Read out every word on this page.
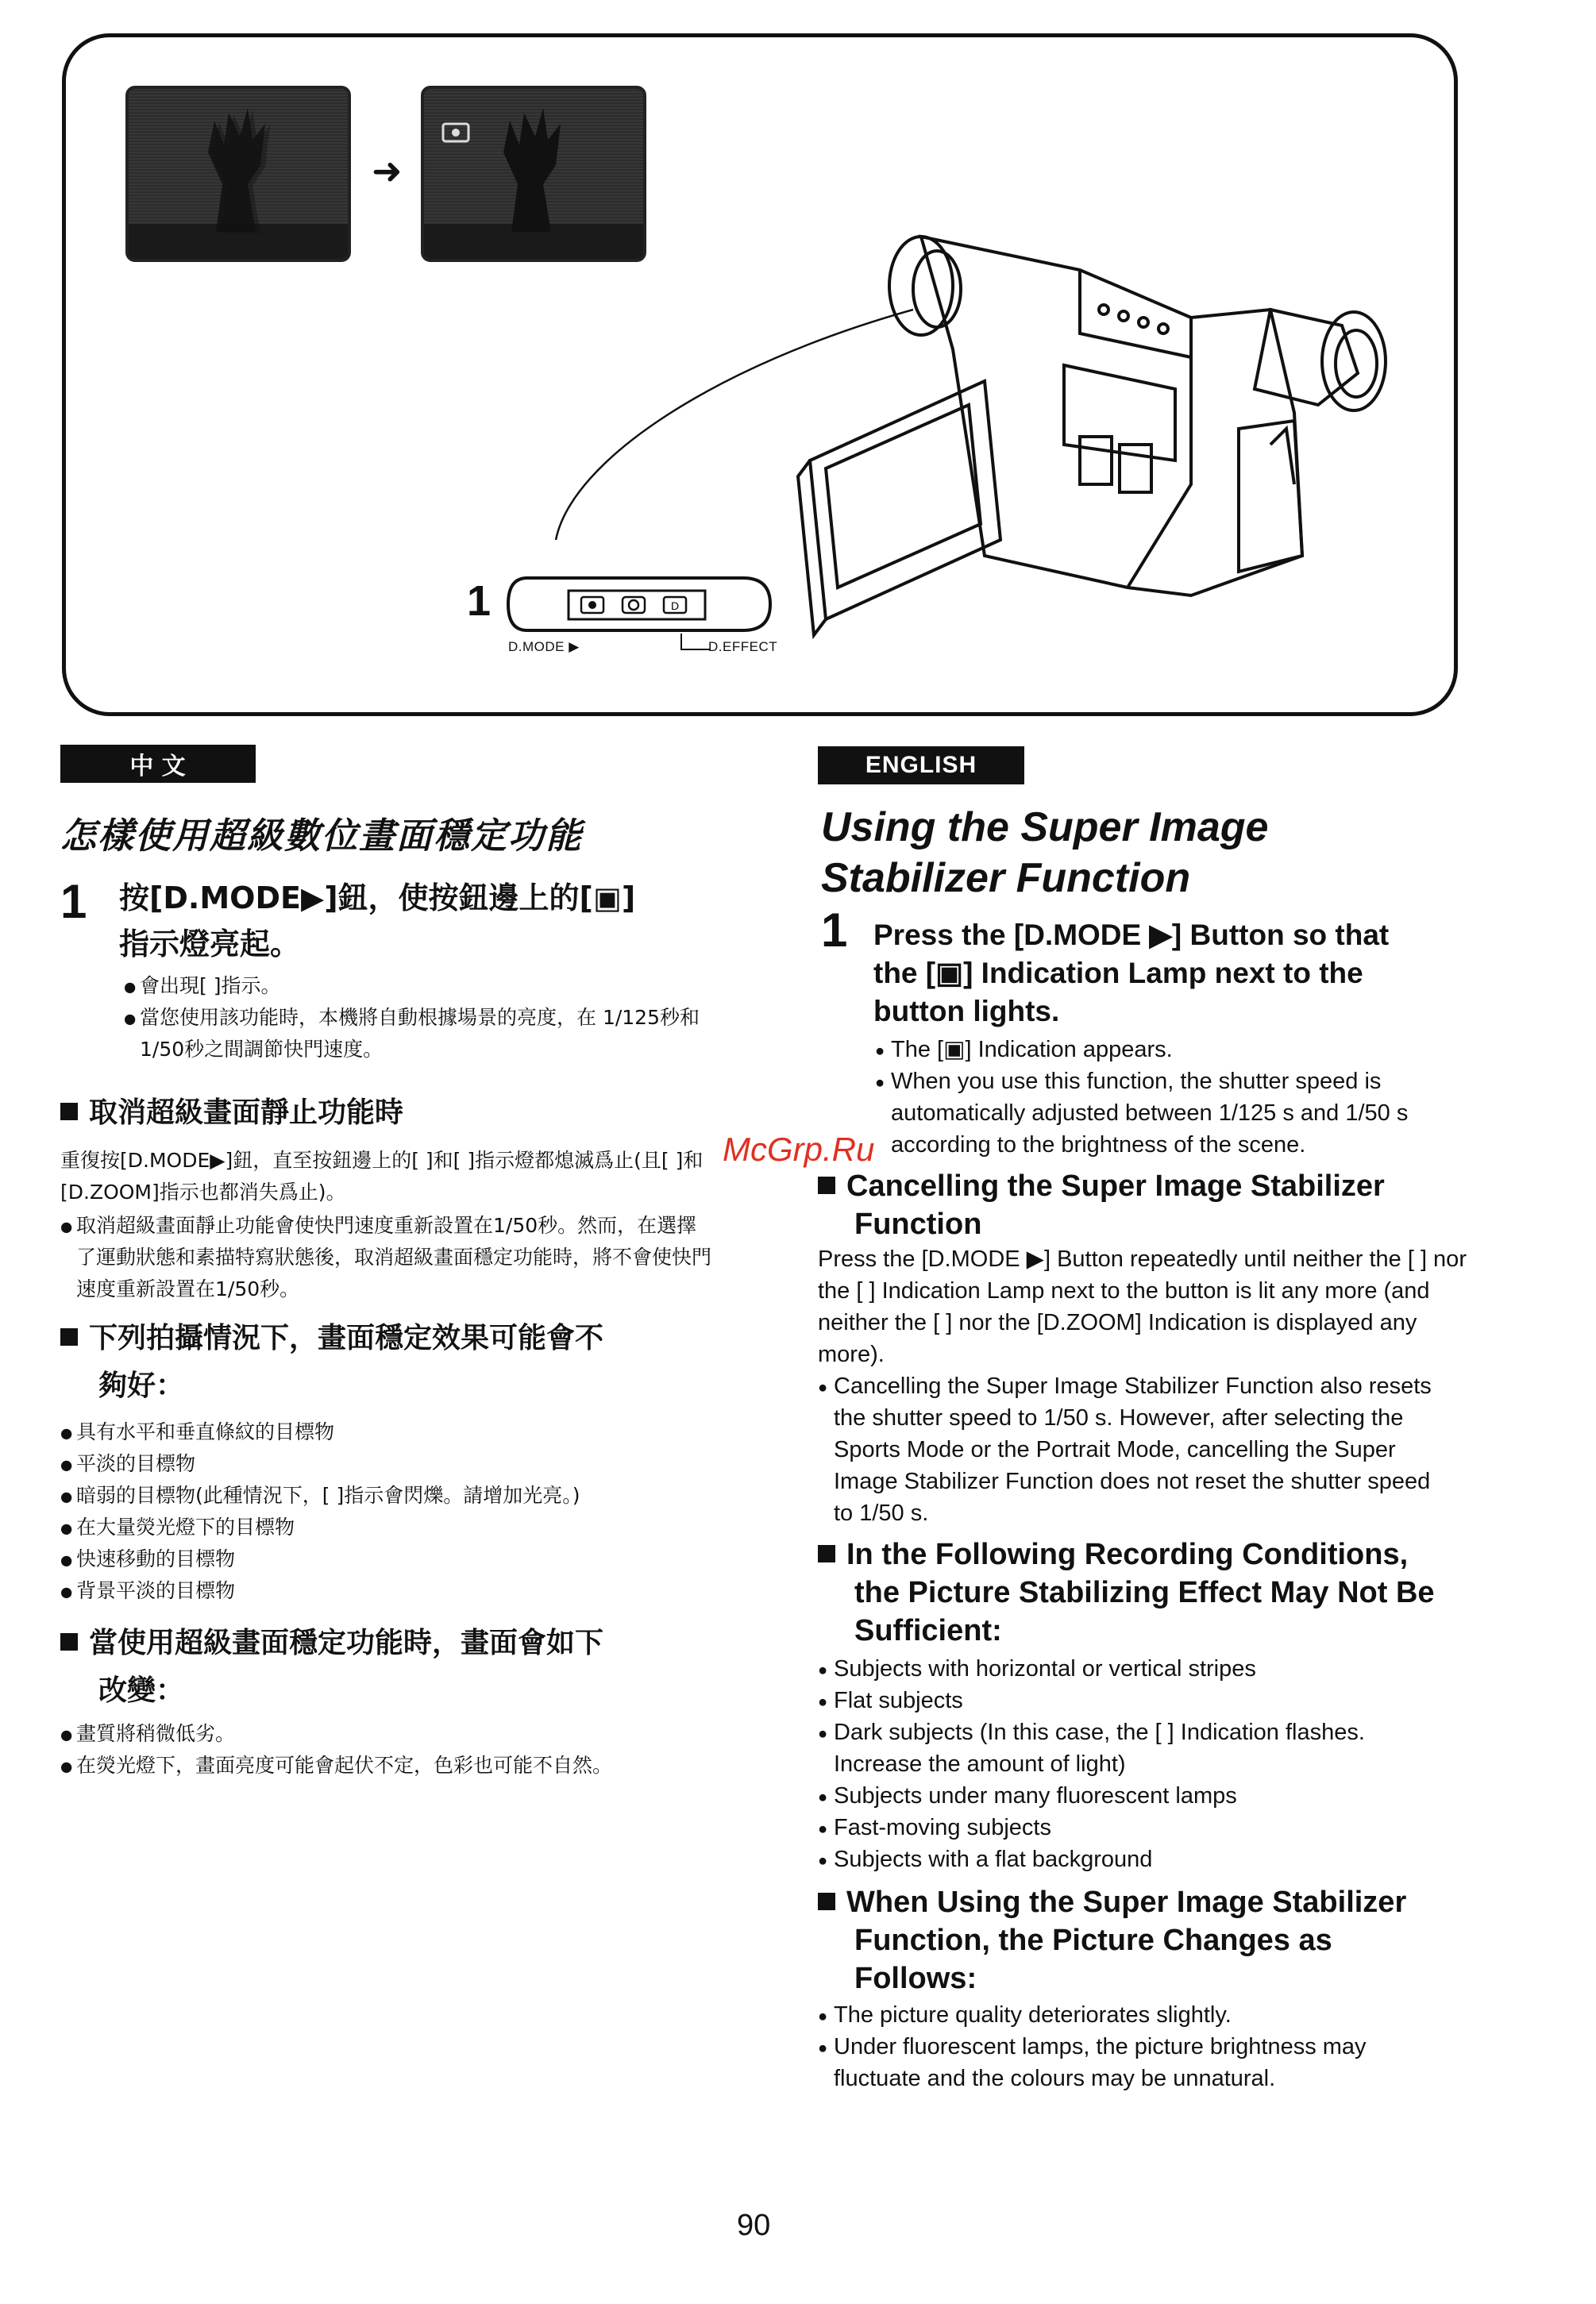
➜
1	D
D.MODE ▶	D.EFFECT
中 文
怎樣使用超級數位畫面穩定功能
1 按[D.MODE▶]鈕，使按鈕邊上的[▣]
指示燈亮起。
● 會出現[ ]指示。
● 當您使用該功能時，本機將自動根據場景的亮度，在 1/125秒和1/50秒之間調節快門速度。
取消超級畫面靜止功能時
重復按[D.MODE▶]鈕，直至按鈕邊上的[ ]和[ ]指示燈都熄滅爲止(且[ ]和[D.ZOOM]指示也都消失爲止)。
● 取消超級畫面靜止功能會使快門速度重新設置在1/50秒。然而，在選擇了運動狀態和素描特寫狀態後，取消超級畫面穩定功能時，將不會使快門速度重新設置在1/50秒。
下列拍攝情況下，畫面穩定效果可能會不
夠好：
● 具有水平和垂直條紋的目標物
● 平淡的目標物
● 暗弱的目標物(此種情況下，[ ]指示會閃爍。請增加光亮。)
● 在大量熒光燈下的目標物
● 快速移動的目標物
● 背景平淡的目標物
當使用超級畫面穩定功能時，畫面會如下
改變：
● 畫質將稍微低劣。
● 在熒光燈下，畫面亮度可能會起伏不定，色彩也可能不自然。
ENGLISH
Using the Super Image
Stabilizer Function
1 Press the [D.MODE ▶] Button so that
the [▣] Indication Lamp next to the
button lights.
● The [▣] Indication appears.
● When you use this function, the shutter speed is automatically adjusted between 1/125 s and 1/50 s according to the brightness of the scene.
Cancelling the Super Image Stabilizer
Function
Press the [D.MODE ▶] Button repeatedly until neither the [ ] nor the [ ] Indication Lamp next to the button is lit any more (and neither the [ ] nor the [D.ZOOM] Indication is displayed any more).
● Cancelling the Super Image Stabilizer Function also resets the shutter speed to 1/50 s. However, after selecting the Sports Mode or the Portrait Mode, cancelling the Super Image Stabilizer Function does not reset the shutter speed to 1/50 s.
In the Following Recording Conditions,
the Picture Stabilizing Effect May Not Be
Sufficient:
● Subjects with horizontal or vertical stripes
● Flat subjects
● Dark subjects (In this case, the [ ] Indication flashes. Increase the amount of light)
● Subjects under many fluorescent lamps
● Fast-moving subjects
● Subjects with a flat background
When Using the Super Image Stabilizer
Function, the Picture Changes as
Follows:
● The picture quality deteriorates slightly.
● Under fluorescent lamps, the picture brightness may fluctuate and the colours may be unnatural.
McGrp.Ru
90
